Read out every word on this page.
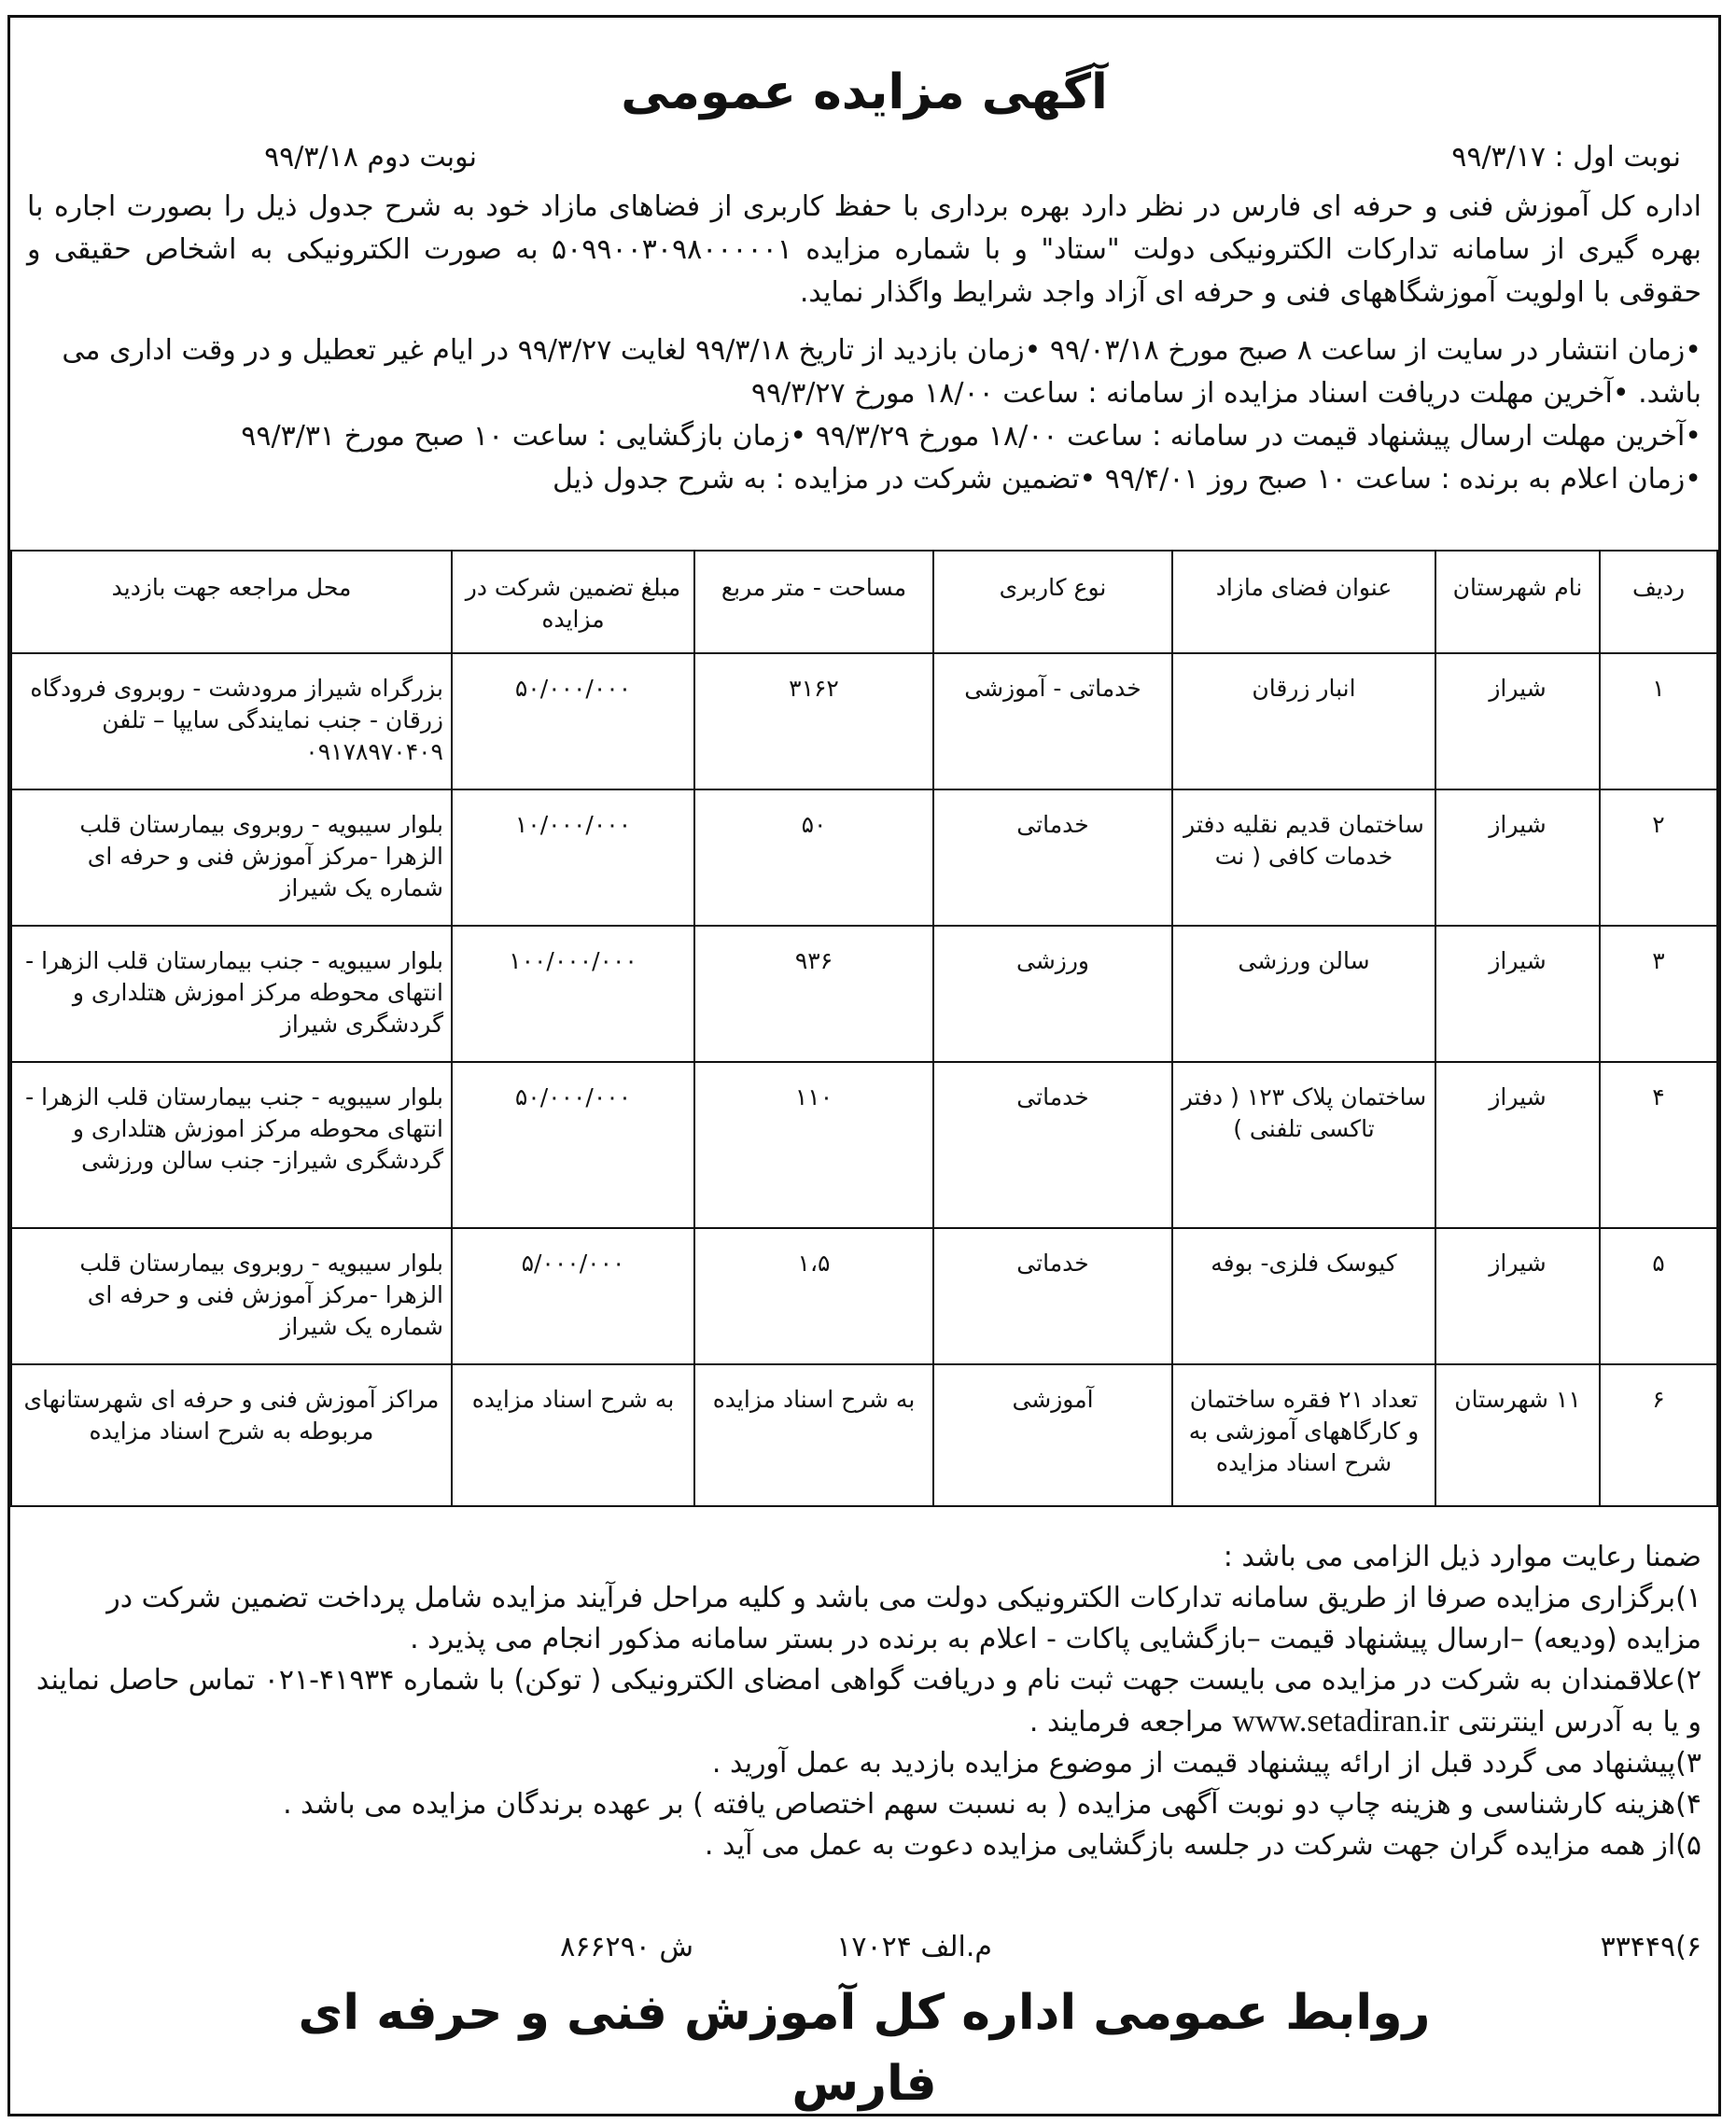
آگهی مزایده عمومی
نوبت اول : ۹۹/۳/۱۷
نوبت دوم ۹۹/۳/۱۸

اداره کل آموزش فنی و حرفه ای فارس در نظر دارد بهره برداری با حفظ کاربری از فضاهای مازاد خود به شرح جدول ذیل را بصورت اجاره با بهره گیری از سامانه تدارکات الکترونیکی دولت "ستاد" و با شماره مزایده ۵۰۹۹۰۰۳۰۹۸۰۰۰۰۰۱ به صورت الکترونیکی به اشخاص حقیقی و حقوقی با اولویت آموزشگاههای فنی و حرفه ای آزاد واجد شرایط واگذار نماید.

•زمان انتشار در سایت از ساعت ۸ صبح مورخ ۹۹/۰۳/۱۸ •زمان بازدید از تاریخ ۹۹/۳/۱۸ لغایت ۹۹/۳/۲۷ در ایام غیر تعطیل و در وقت اداری می باشد. •آخرین مهلت دریافت اسناد مزایده از سامانه : ساعت ۱۸/۰۰ مورخ ۹۹/۳/۲۷

•آخرین مهلت ارسال پیشنهاد قیمت در سامانه : ساعت ۱۸/۰۰ مورخ ۹۹/۳/۲۹ •زمان بازگشایی : ساعت ۱۰ صبح مورخ ۹۹/۳/۳۱

•زمان اعلام به برنده : ساعت ۱۰ صبح روز ۹۹/۴/۰۱ •تضمین شرکت در مزایده : به شرح جدول ذیل

ردیف	نام شهرستان	عنوان فضای مازاد	نوع کاربری	مساحت - متر مربع	مبلغ تضمین شرکت در مزایده	محل مراجعه جهت بازدید
۱	شیراز	انبار زرقان	خدماتی - آموزشی	۳۱۶۲	۵۰/۰۰۰/۰۰۰	بزرگراه شیراز مرودشت - روبروی فرودگاه زرقان - جنب نمایندگی سایپا – تلفن ۰۹۱۷۸۹۷۰۴۰۹
۲	شیراز	ساختمان قدیم نقلیه دفتر خدمات کافی ( نت	خدماتی	۵۰	۱۰/۰۰۰/۰۰۰	بلوار سیبویه - روبروی بیمارستان قلب الزهرا -مرکز آموزش فنی و حرفه ای شماره یک شیراز
۳	شیراز	سالن ورزشی	ورزشی	۹۳۶	۱۰۰/۰۰۰/۰۰۰	بلوار سیبویه - جنب بیمارستان قلب الزهرا - انتهای محوطه مرکز اموزش هتلداری و گردشگری شیراز
۴	شیراز	ساختمان پلاک ۱۲۳ ( دفتر تاکسی تلفنی )	خدماتی	۱۱۰	۵۰/۰۰۰/۰۰۰	بلوار سیبویه - جنب بیمارستان قلب الزهرا - انتهای محوطه مرکز اموزش هتلداری و گردشگری شیراز- جنب سالن ورزشی
۵	شیراز	کیوسک فلزی- بوفه	خدماتی	۱،۵	۵/۰۰۰/۰۰۰	بلوار سیبویه - روبروی بیمارستان قلب الزهرا -مرکز آموزش فنی و حرفه ای شماره یک شیراز
۶	۱۱ شهرستان	تعداد ۲۱ فقره ساختمان و کارگاههای آموزشی به شرح اسناد مزایده	آموزشی	به شرح اسناد مزایده	به شرح اسناد مزایده	مراکز آموزش فنی و حرفه ای شهرستانهای مربوطه به شرح اسناد مزایده

ضمنا رعایت موارد ذیل الزامی می باشد :

۱)برگزاری مزایده صرفا از طریق سامانه تدارکات الکترونیکی دولت می باشد و کلیه مراحل فرآیند مزایده شامل پرداخت تضمین شرکت در مزایده (ودیعه) –ارسال پیشنهاد قیمت –بازگشایی پاکات - اعلام به برنده در بستر سامانه مذکور انجام می پذیرد .

۲)علاقمندان به شرکت در مزایده می بایست جهت ثبت نام و دریافت گواهی امضای الکترونیکی ( توکن) با شماره ۴۱۹۳۴-۰۲۱ تماس حاصل نمایند و یا به آدرس اینترنتی www.setadiran.ir مراجعه فرمایند .

۳)پیشنهاد می گردد قبل از ارائه پیشنهاد قیمت از موضوع مزایده بازدید به عمل آورید .

۴)هزینه کارشناسی و هزینه چاپ دو نوبت آگهی مزایده ( به نسبت سهم اختصاص یافته ) بر عهده برندگان مزایده می باشد .

۵)از همه مزایده گران جهت شرکت در جلسه بازگشایی مزایده دعوت به عمل می آید .

۶)۳۳۴۴۹
م.الف ۱۷۰۲۴
ش ۸۶۶۲۹۰
روابط عمومی اداره کل آموزش فنی و حرفه ای
فارس
